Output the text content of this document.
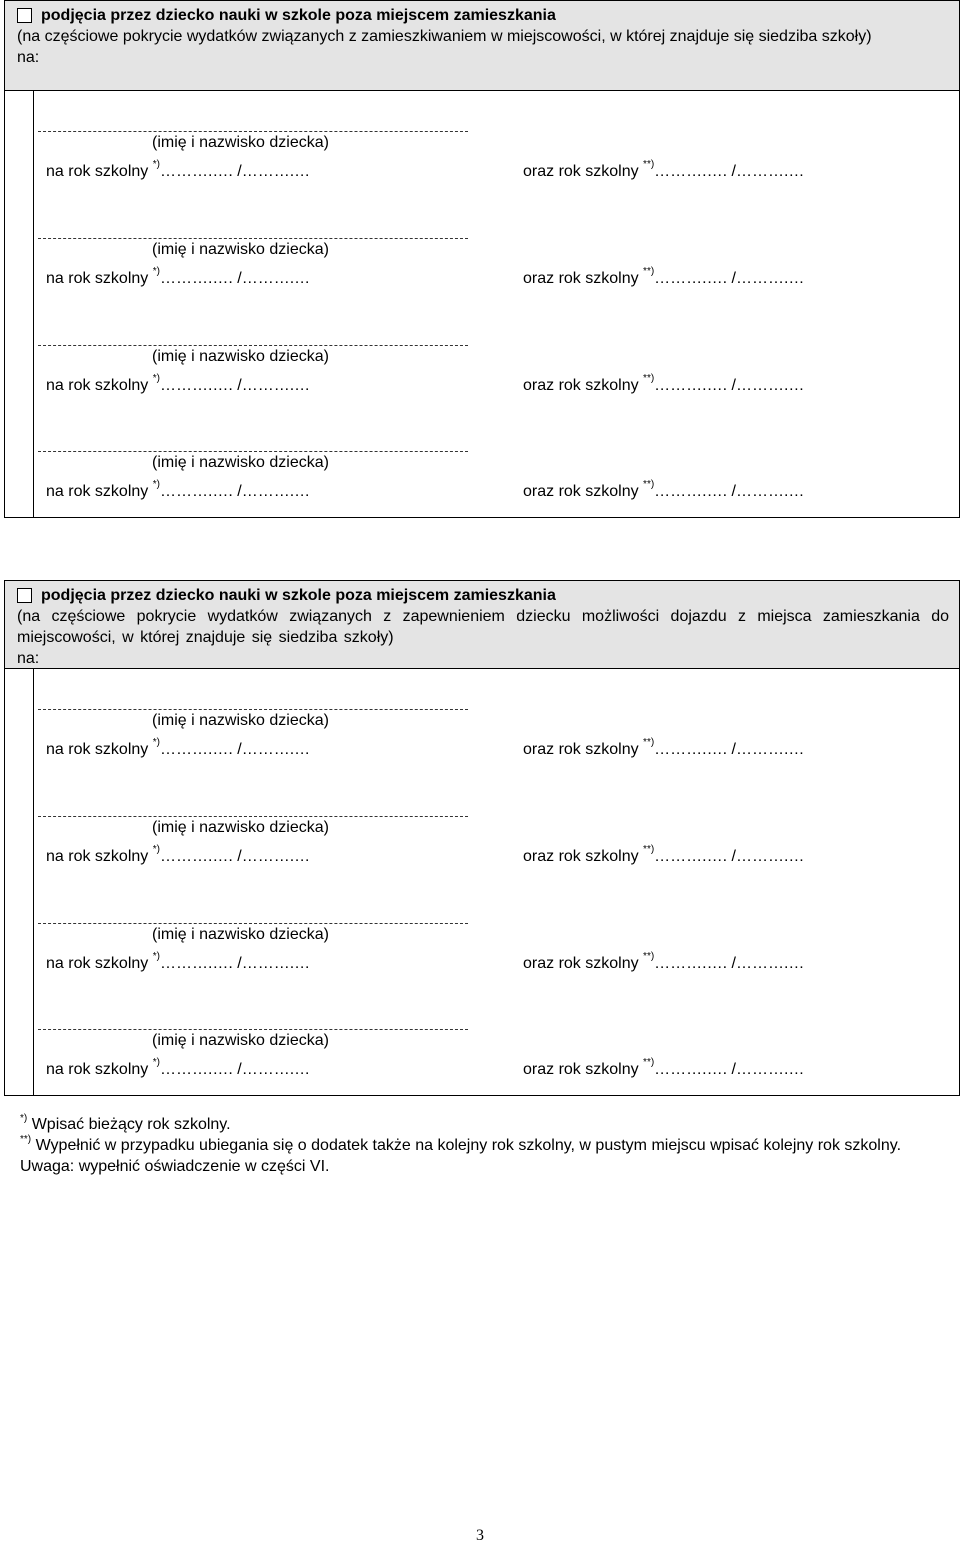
podjęcia przez dziecko nauki w szkole poza miejscem zamieszkania
(na częściowe pokrycie wydatków związanych z zamieszkiwaniem w miejscowości, w której znajduje się siedziba szkoły)
na:
(imię i nazwisko dziecka)
na rok szkolny *)……….…. /……….…	oraz rok szkolny **)……….…. /……….…
(imię i nazwisko dziecka)
na rok szkolny *)……….…. /……….…	oraz rok szkolny **)……….…. /……….…
(imię i nazwisko dziecka)
na rok szkolny *)……….…. /……….…	oraz rok szkolny **)……….…. /……….…
(imię i nazwisko dziecka)
na rok szkolny *)……….…. /……….…	oraz rok szkolny **)……….…. /……….…
podjęcia przez dziecko nauki w szkole poza miejscem zamieszkania
(na częściowe pokrycie wydatków związanych z zapewnieniem dziecku możliwości dojazdu z miejsca zamieszkania do miejscowości, w której znajduje się siedziba szkoły)
na:
(imię i nazwisko dziecka)
na rok szkolny *)……….…. /……….…	oraz rok szkolny **)……….…. /……….…
(imię i nazwisko dziecka)
na rok szkolny *)……….…. /……….…	oraz rok szkolny **)……….…. /……….…
(imię i nazwisko dziecka)
na rok szkolny *)……….…. /……….…	oraz rok szkolny **)……….…. /……….…
(imię i nazwisko dziecka)
na rok szkolny *)……….…. /……….…	oraz rok szkolny **)……….…. /……….…
*) Wpisać bieżący rok szkolny.
**) Wypełnić w przypadku ubiegania się o dodatek także na kolejny rok szkolny, w pustym miejscu wpisać kolejny rok szkolny. Uwaga: wypełnić oświadczenie w części VI.
3
